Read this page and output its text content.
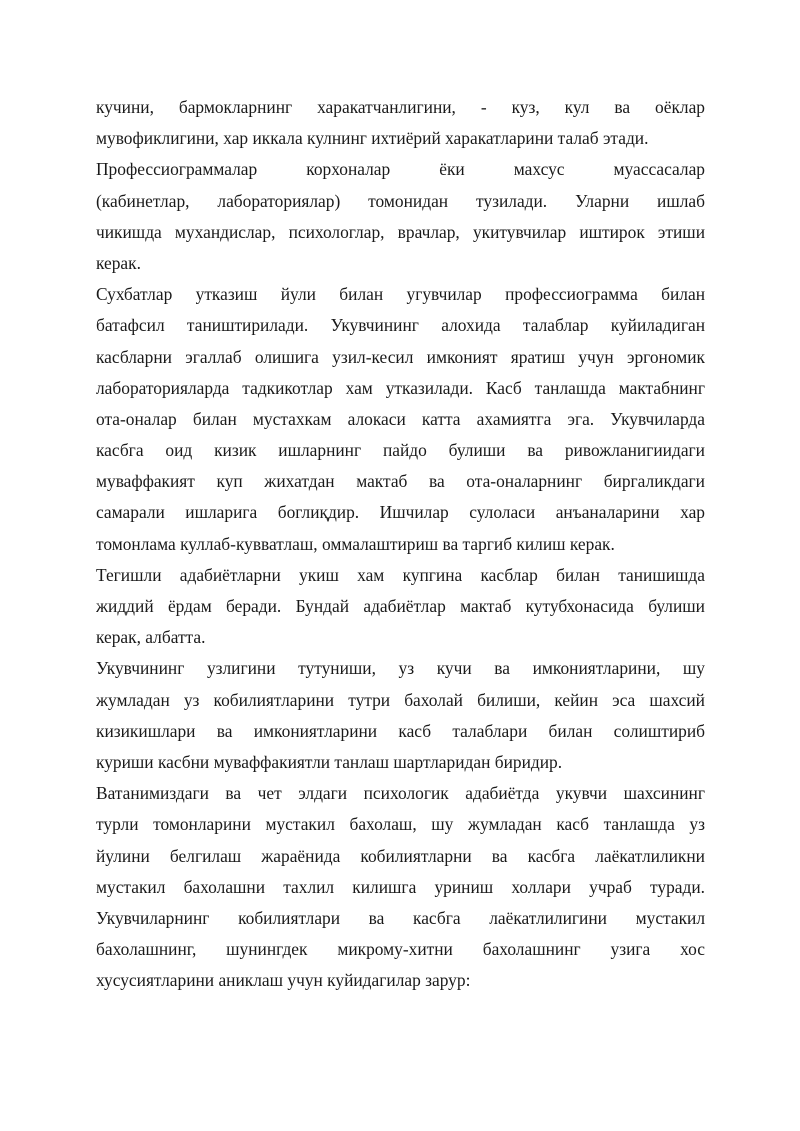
кучини, бармокларнинг харакатчанлигини, - куз, кул ва оёклар
мувофиклигини, хар иккала кулнинг ихтиёрий харакатларини талаб этади.
Профессиограммалар корхоналар ёки махсус муассасалар
(кабинетлар, лабораториялар) томонидан тузилади. Уларни ишлаб
чикишда мухандислар, психологлар, врачлар, укитувчилар иштирок этиши
керак.
Сухбатлар утказиш йули билан угувчилар профессиограмма билан
батафсил таништирилади. Укувчининг алохида талаблар куйиладиган
касбларни эгаллаб олишига узил-кесил имконият яратиш учун эргономик
лабораторияларда тадкикотлар хам утказилади. Касб танлашда мактабнинг
ота-оналар билан мустахкам алокаси катта ахамиятга эга. Укувчиларда
касбга оид кизик ишларнинг пайдо булиши ва ривожланигиидаги
муваффакият куп жихатдан мактаб ва ота-оналарнинг биргаликдаги
самарали ишларига боглиқдир. Ишчилар сулоласи анъаналарини хар
томонлама куллаб-кувватлаш, оммалаштириш ва таргиб килиш керак.
Тегишли адабиётларни укиш хам купгина касблар билан танишишда
жиддий ёрдам беради. Бундай адабиётлар мактаб кутубхонасида булиши
керак, албатта.
Укувчининг узлигини тутуниши, уз кучи ва имкониятларини, шу
жумладан уз кобилиятларини тутри бахолай билиши, кейин эса шахсий
кизикишлари ва имкониятларини касб талаблари билан солиштириб
куриши касбни муваффакиятли танлаш шартларидан биридир.
Ватанимиздаги ва чет элдаги психологик адабиётда укувчи шахсининг
турли томонларини мустакил бахолаш, шу жумладан касб танлашда уз
йулини белгилаш жараёнида кобилиятларни ва касбга лаёкатлиликни
мустакил бахолашни тахлил килишга уриниш холлари учраб туради.
Укувчиларнинг кобилиятлари ва касбга лаёкатлилигини мустакил
бахолашнинг, шунингдек микрому-хитни бахолашнинг узига хос
хусусиятларини аниклаш учун куйидагилар зарур:
